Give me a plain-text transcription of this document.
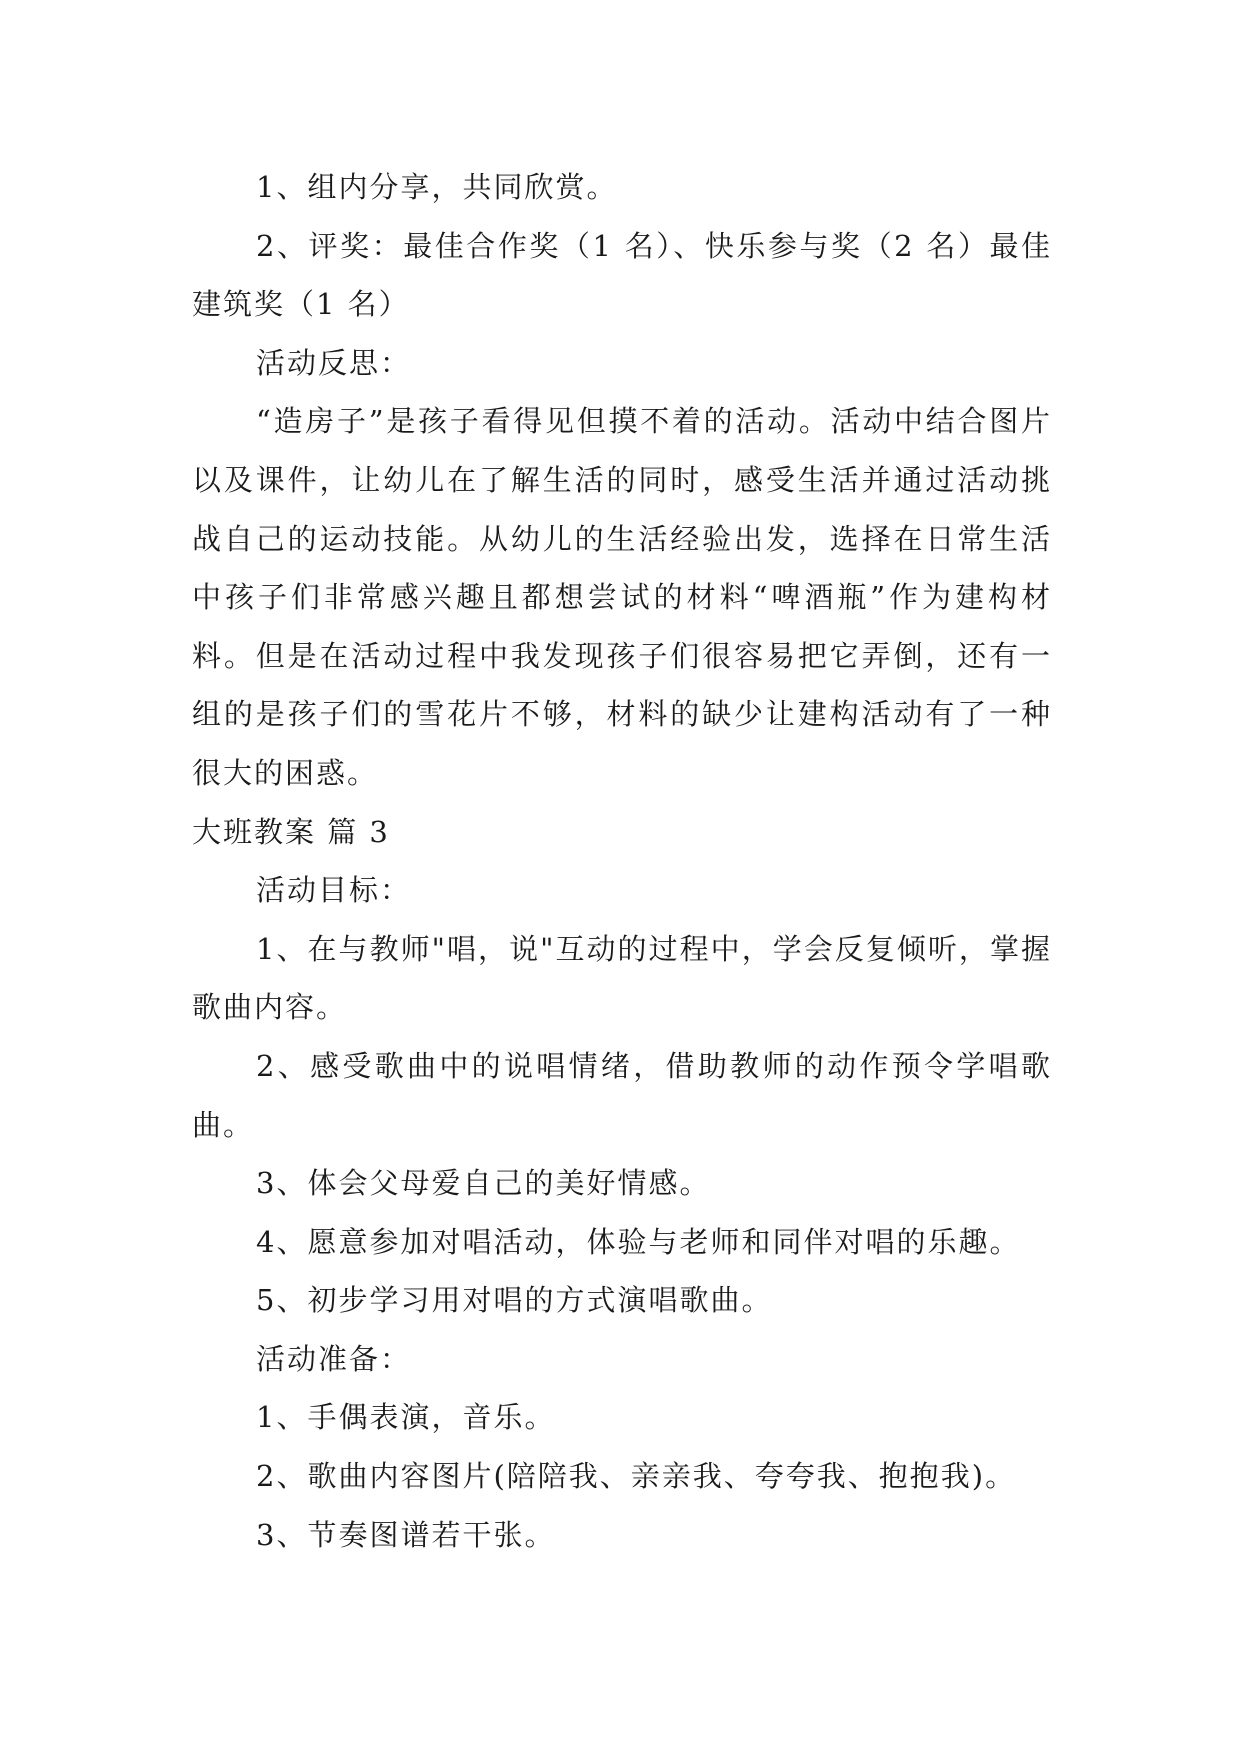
1、组内分享，共同欣赏。

2、评奖：最佳合作奖（1 名）、快乐参与奖（2 名）最佳建筑奖（1 名）

活动反思：

“造房子”是孩子看得见但摸不着的活动。活动中结合图片以及课件，让幼儿在了解生活的同时，感受生活并通过活动挑战自己的运动技能。从幼儿的生活经验出发，选择在日常生活中孩子们非常感兴趣且都想尝试的材料“啤酒瓶”作为建构材料。但是在活动过程中我发现孩子们很容易把它弄倒，还有一组的是孩子们的雪花片不够，材料的缺少让建构活动有了一种很大的困惑。

大班教案 篇 3

活动目标：

1、在与教师"唱，说"互动的过程中，学会反复倾听，掌握歌曲内容。

2、感受歌曲中的说唱情绪，借助教师的动作预令学唱歌曲。

3、体会父母爱自己的美好情感。

4、愿意参加对唱活动，体验与老师和同伴对唱的乐趣。

5、初步学习用对唱的方式演唱歌曲。

活动准备：

1、手偶表演，音乐。

2、歌曲内容图片(陪陪我、亲亲我、夸夸我、抱抱我)。

3、节奏图谱若干张。
